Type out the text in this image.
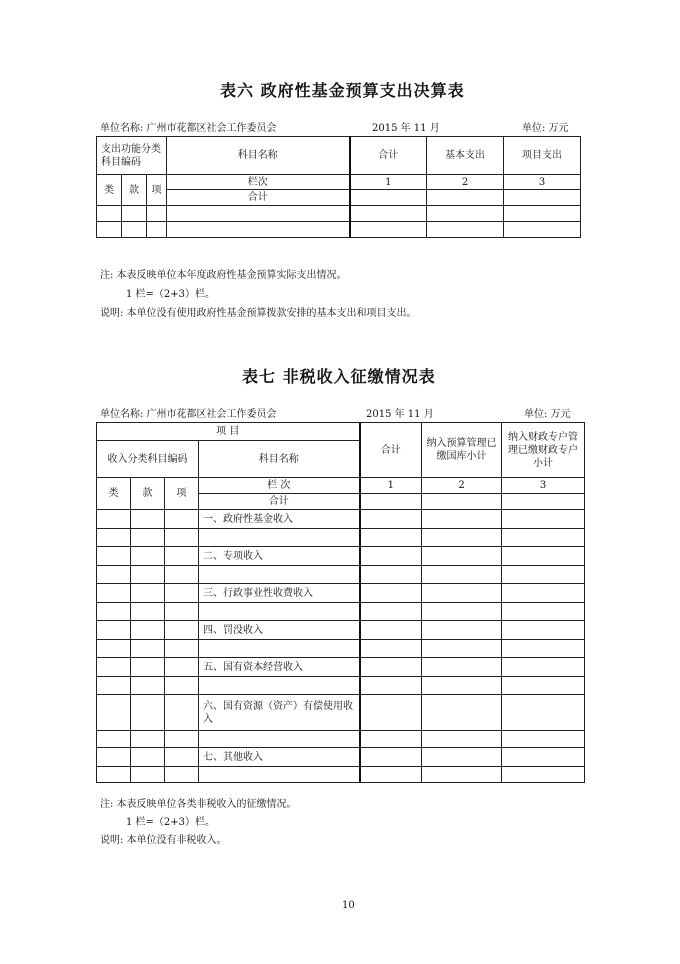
表六 政府性基金预算支出决算表
单位名称: 广州市花都区社会工作委员会	2015 年 11 月	单位: 万元
支出功能分类科目编码			科目名称	合计	基本支出	项目支出
类	款	项	栏次	1	2	3
			合计			

注: 本表反映单位本年度政府性基金预算实际支出情况。
1 栏=（2+3）栏。
说明: 本单位没有使用政府性基金预算拨款安排的基本支出和项目支出。
表七 非税收入征缴情况表
单位名称: 广州市花都区社会工作委员会	2015 年 11 月	单位: 万元
项 目				合计	纳入预算管理已缴国库小计	纳入财政专户管理已缴财政专户小计
收入分类科目编码			科目名称			
类	款	项	栏 次	1	2	3
			合计			
			一、政府性基金收入			

			二、专项收入			

			三、行政事业性收费收入			

			四、罚没收入			

			五、国有资本经营收入			

			六、国有资源（资产）有偿使用收入			

			七、其他收入			

注: 本表反映单位各类非税收入的征缴情况。
1 栏=（2+3）栏。
说明: 本单位没有非税收入。
10
